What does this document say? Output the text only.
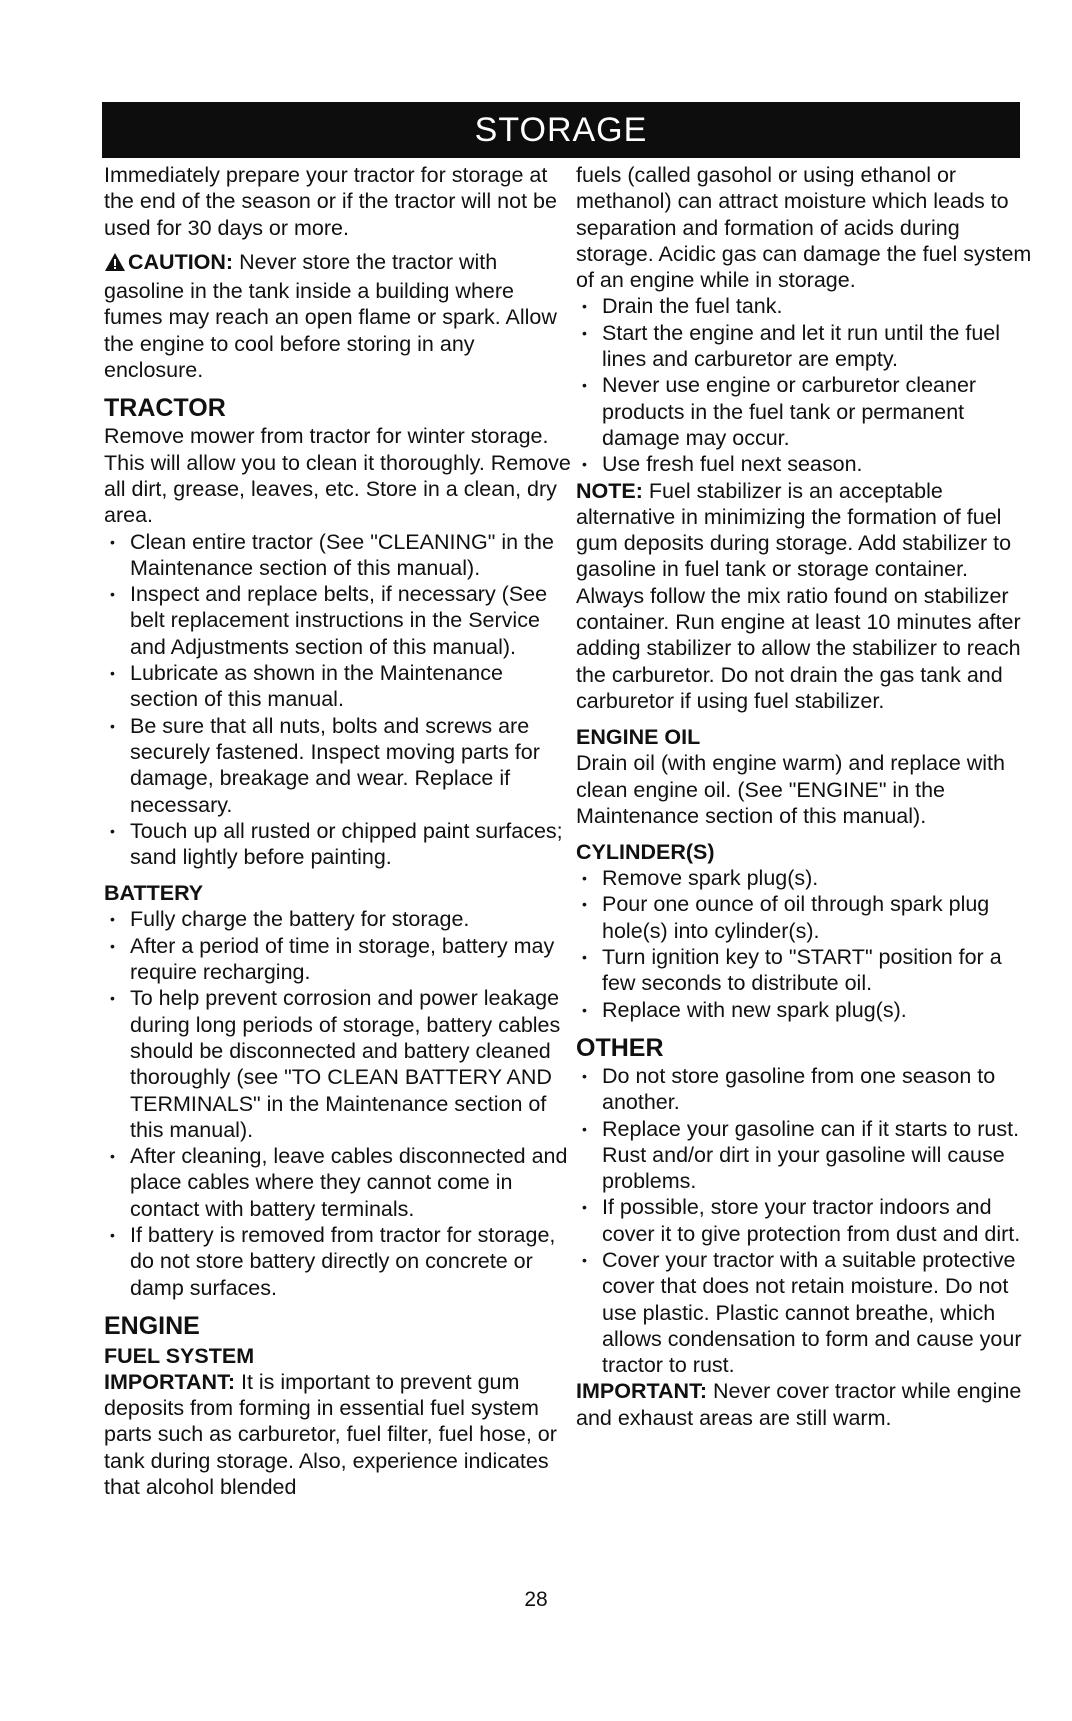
STORAGE

Immediately prepare your tractor for storage at the end of the season or if the tractor will not be used for 30 days or more.

CAUTION: Never store the tractor with gasoline in the tank inside a building where fumes may reach an open flame or spark. Allow the engine to cool before storing in any enclosure.

TRACTOR

Remove mower from tractor for winter storage. This will allow you to clean it thoroughly. Remove all dirt, grease, leaves, etc. Store in a clean, dry area.

• Clean entire tractor (See "CLEANING" in the Maintenance section of this manual).
• Inspect and replace belts, if necessary (See belt replacement instructions in the Service and Adjustments section of this manual).
• Lubricate as shown in the Maintenance section of this manual.
• Be sure that all nuts, bolts and screws are securely fastened. Inspect moving parts for damage, breakage and wear. Replace if necessary.
• Touch up all rusted or chipped paint surfaces; sand lightly before painting.
BATTERY
• Fully charge the battery for storage.
• After a period of time in storage, battery may require recharging.
• To help prevent corrosion and power leakage during long periods of storage, battery cables should be disconnected and battery cleaned thoroughly (see "TO CLEAN BATTERY AND TERMINALS" in the Maintenance section of this manual).
• After cleaning, leave cables disconnected and place cables where they cannot come in contact with battery terminals.
• If battery is removed from tractor for storage, do not store battery directly on concrete or damp surfaces.
ENGINE
FUEL SYSTEM

IMPORTANT: It is important to prevent gum deposits from forming in essential fuel system parts such as carburetor, fuel filter, fuel hose, or tank during storage. Also, experience indicates that alcohol blended

fuels (called gasohol or using ethanol or methanol) can attract moisture which leads to separation and formation of acids during storage. Acidic gas can damage the fuel system of an engine while in storage.

• Drain the fuel tank.
• Start the engine and let it run until the fuel lines and carburetor are empty.
• Never use engine or carburetor cleaner products in the fuel tank or permanent damage may occur.
• Use fresh fuel next season.

NOTE: Fuel stabilizer is an acceptable alternative in minimizing the formation of fuel gum deposits during storage. Add stabilizer to gasoline in fuel tank or storage container. Always follow the mix ratio found on stabilizer container. Run engine at least 10 minutes after adding stabilizer to allow the stabilizer to reach the carburetor. Do not drain the gas tank and carburetor if using fuel stabilizer.

ENGINE OIL

Drain oil (with engine warm) and replace with clean engine oil. (See "ENGINE" in the Maintenance section of this manual).

CYLINDER(S)
• Remove spark plug(s).
• Pour one ounce of oil through spark plug hole(s) into cylinder(s).
• Turn ignition key to "START" position for a few seconds to distribute oil.
• Replace with new spark plug(s).
OTHER
• Do not store gasoline from one season to another.
• Replace your gasoline can if it starts to rust. Rust and/or dirt in your gasoline will cause problems.
• If possible, store your tractor indoors and cover it to give protection from dust and dirt.
• Cover your tractor with a suitable protective cover that does not retain moisture. Do not use plastic. Plastic cannot breathe, which allows condensation to form and cause your tractor to rust.

IMPORTANT: Never cover tractor while engine and exhaust areas are still warm.

28
